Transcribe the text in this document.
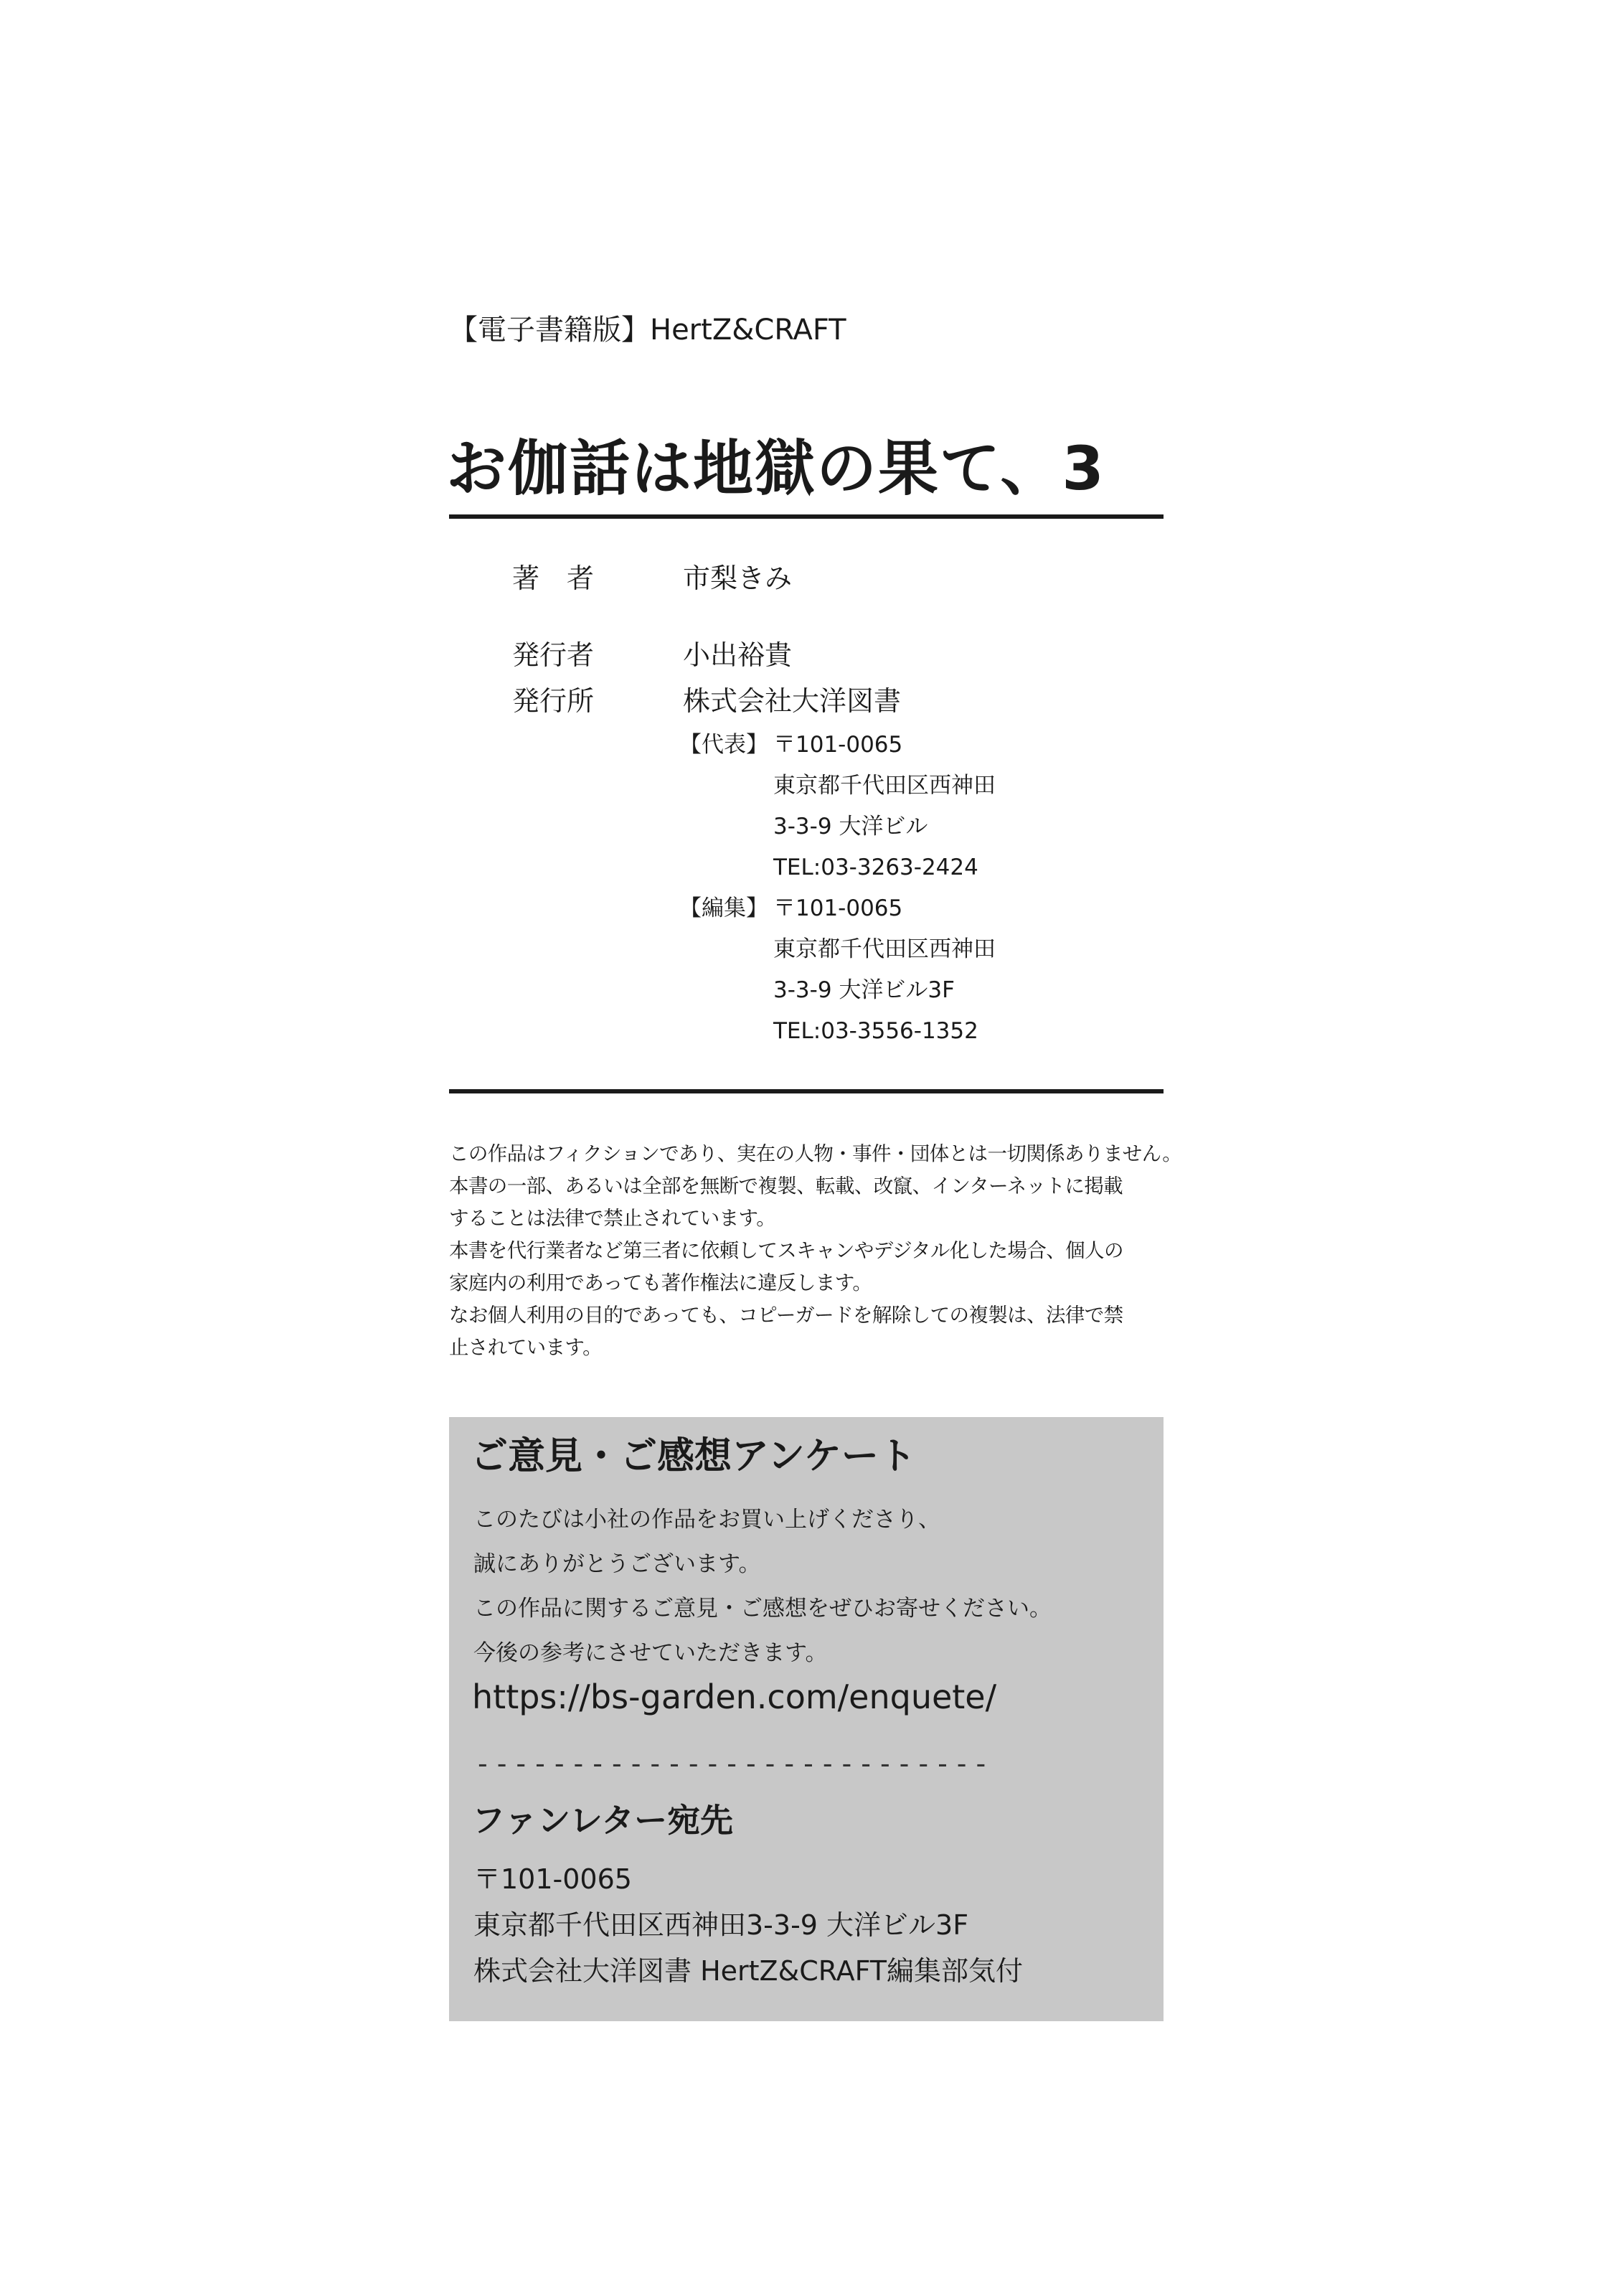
【電子書籍版】HertZ&CRAFT
お伽話は地獄の果て、3
著　者	市梨きみ
発行者	小出裕貴
発行所	株式会社大洋図書
【代表】 〒101-0065
東京都千代田区西神田
3-3-9 大洋ビル
TEL:03-3263-2424
【編集】 〒101-0065
東京都千代田区西神田
3-3-9 大洋ビル3F
TEL:03-3556-1352
この作品はフィクションであり、実在の人物・事件・団体とは一切関係ありません。
本書の一部、あるいは全部を無断で複製、転載、改竄、インターネットに掲載
することは法律で禁止されています。
本書を代行業者など第三者に依頼してスキャンやデジタル化した場合、個人の
家庭内の利用であっても著作権法に違反します。
なお個人利用の目的であっても、コピーガードを解除しての複製は、法律で禁
止されています。
ご意見・ご感想アンケート
このたびは小社の作品をお買い上げくださり、
誠にありがとうございます。
この作品に関するご意見・ご感想をぜひお寄せください。
今後の参考にさせていただきます。
https://bs-garden.com/enquete/
---------------------------
ファンレター宛先
〒101-0065
東京都千代田区西神田3-3-9 大洋ビル3F
株式会社大洋図書 HertZ&CRAFT編集部気付
